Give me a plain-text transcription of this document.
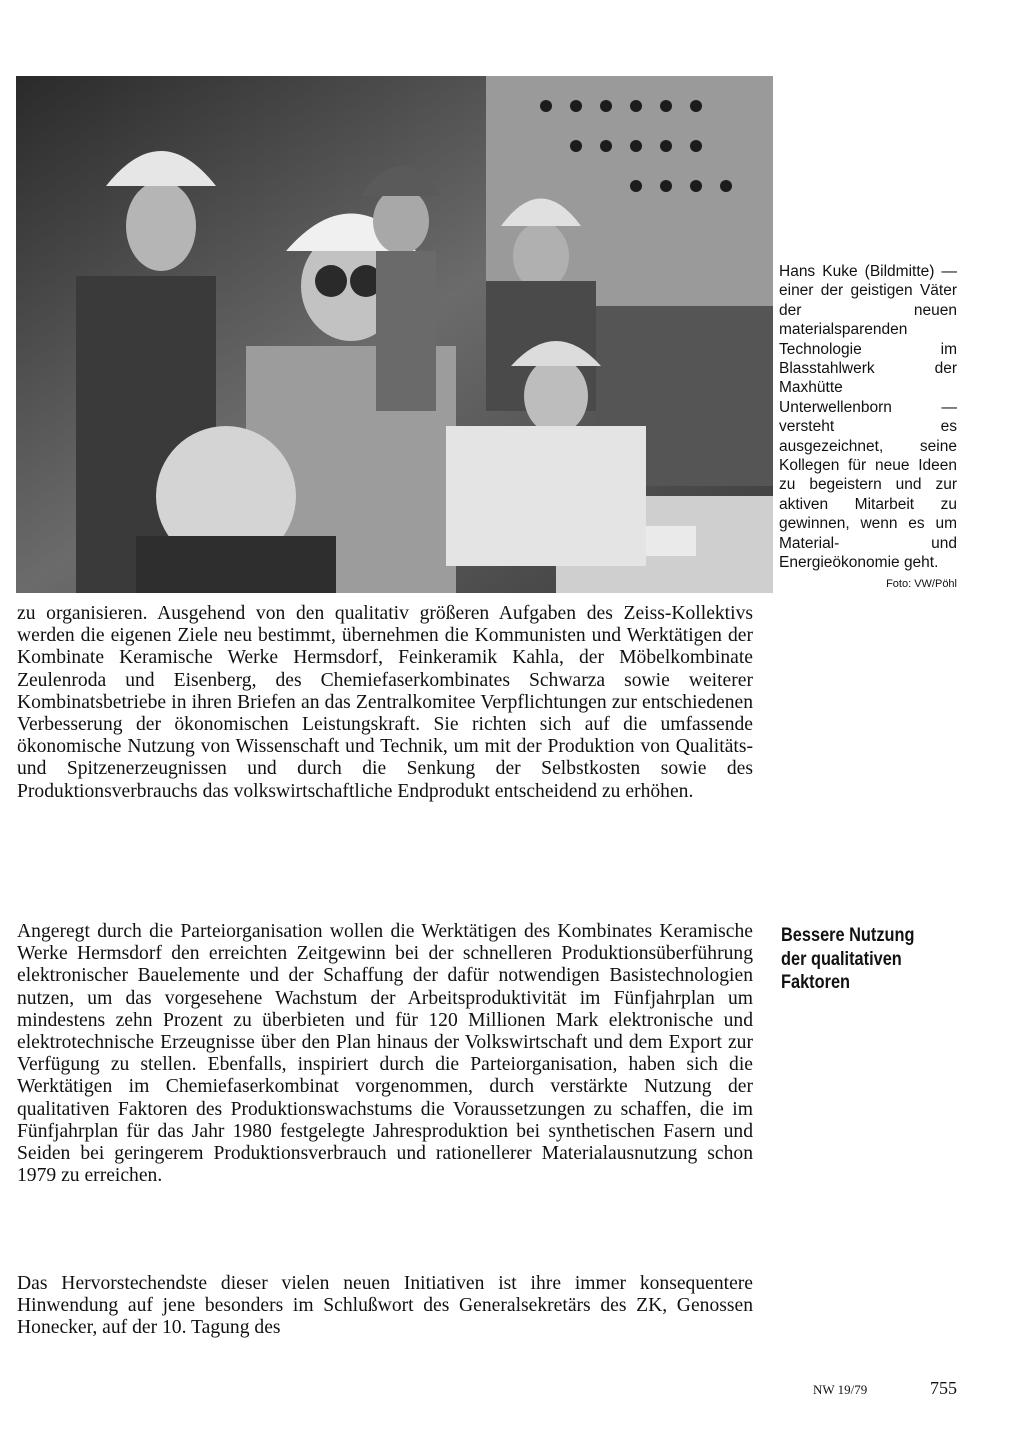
Hans Kuke (Bildmitte) — einer der geistigen Väter der neuen materialsparenden Technologie im Blasstahlwerk der Maxhütte Unterwellenborn — versteht es ausgezeichnet, seine Kollegen für neue Ideen zu begeistern und zur aktiven Mitarbeit zu gewinnen, wenn es um Material- und Energieökonomie geht.
Foto: VW/Pöhl

zu organisieren. Ausgehend von den qualitativ größeren Aufgaben des Zeiss-Kollektivs werden die eigenen Ziele neu bestimmt, übernehmen die Kommunisten und Werktätigen der Kombinate Keramische Werke Hermsdorf, Feinkeramik Kahla, der Möbelkombinate Zeulenroda und Eisenberg, des Chemiefaserkombinates Schwarza sowie weiterer Kombinatsbetriebe in ihren Briefen an das Zentralkomitee Verpflichtungen zur entschiedenen Verbesserung der ökonomischen Leistungskraft. Sie richten sich auf die umfassende ökonomische Nutzung von Wissenschaft und Technik, um mit der Produktion von Qualitäts- und Spitzenerzeugnissen und durch die Senkung der Selbstkosten sowie des Produktionsverbrauchs das volkswirtschaftliche Endprodukt entscheidend zu erhöhen.

Bessere Nutzung
der qualitativen
Faktoren

Angeregt durch die Parteiorganisation wollen die Werktätigen des Kombinates Keramische Werke Hermsdorf den erreichten Zeitgewinn bei der schnelleren Produktionsüberführung elektronischer Bauelemente und der Schaffung der dafür notwendigen Basistechnologien nutzen, um das vorgesehene Wachstum der Arbeitsproduktivität im Fünfjahrplan um mindestens zehn Prozent zu überbieten und für 120 Millionen Mark elektronische und elektrotechnische Erzeugnisse über den Plan hinaus der Volkswirtschaft und dem Export zur Verfügung zu stellen. Ebenfalls, inspiriert durch die Parteiorganisation, haben sich die Werktätigen im Chemiefaserkombinat vorgenommen, durch verstärkte Nutzung der qualitativen Faktoren des Produktionswachstums die Voraussetzungen zu schaffen, die im Fünfjahrplan für das Jahr 1980 festgelegte Jahresproduktion bei synthetischen Fasern und Seiden bei geringerem Produktionsverbrauch und rationellerer Materialausnutzung schon 1979 zu erreichen.

Das Hervorstechendste dieser vielen neuen Initiativen ist ihre immer konsequentere Hinwendung auf jene besonders im Schlußwort des Generalsekretärs des ZK, Genossen Honecker, auf der 10. Tagung des

NW 19/79	755
